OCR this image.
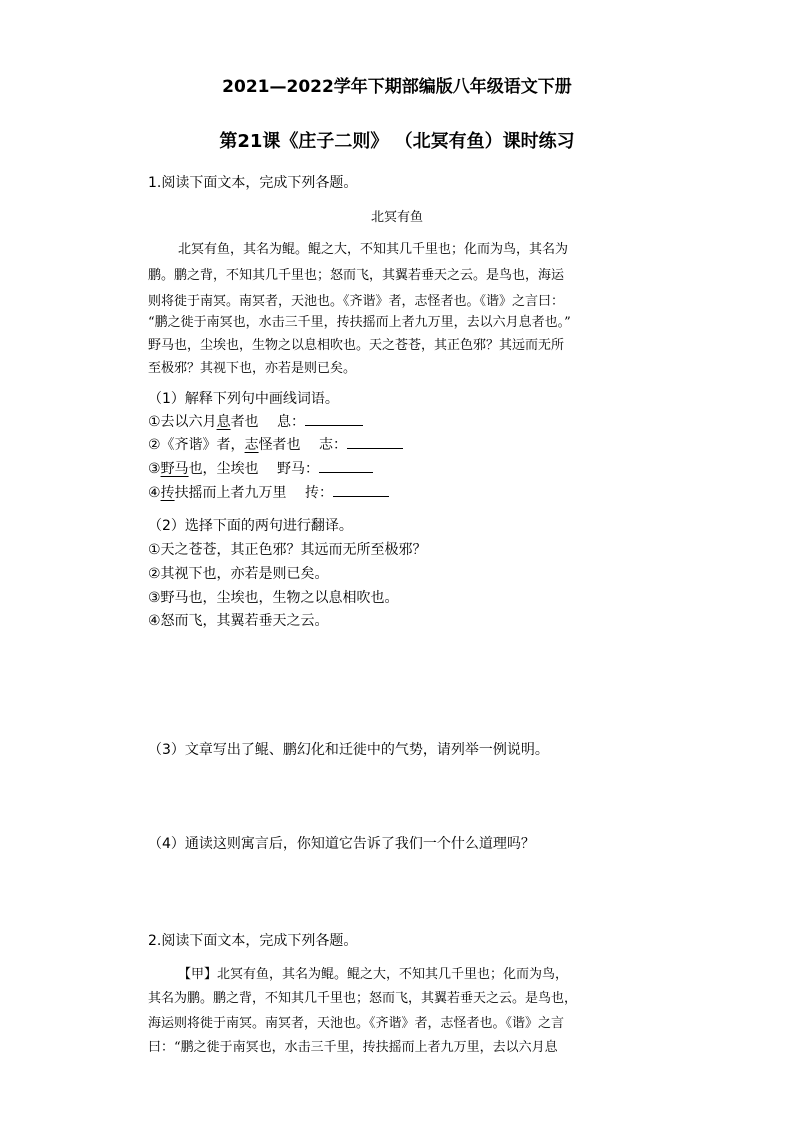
2021—2022学年下期部编版八年级语文下册
第21课《庄子二则》 （北冥有鱼）课时练习
1.阅读下面文本，完成下列各题。
北冥有鱼
北冥有鱼，其名为鲲。鲲之大，不知其几千里也；化而为鸟，其名为
鹏。鹏之背，不知其几千里也；怒而飞，其翼若垂天之云。是鸟也，海运
则将徙于南冥。南冥者，天池也。《齐谐》者，志怪者也。《谐》之言曰：
“鹏之徙于南冥也，水击三千里，抟扶摇而上者九万里，去以六月息者也。”
野马也，尘埃也，生物之以息相吹也。天之苍苍，其正色邪？其远而无所
至极邪？其视下也，亦若是则已矣。
（1）解释下列句中画线词语。
①去以六月息者也 息：
②《齐谐》者，志怪者也 志：
③野马也，尘埃也 野马：
④抟扶摇而上者九万里 抟：
（2）选择下面的两句进行翻译。
①天之苍苍，其正色邪？其远而无所至极邪？
②其视下也，亦若是则已矣。
③野马也，尘埃也，生物之以息相吹也。
④怒而飞，其翼若垂天之云。
（3）文章写出了鲲、鹏幻化和迁徙中的气势，请列举一例说明。
（4）通读这则寓言后，你知道它告诉了我们一个什么道理吗？
2.阅读下面文本，完成下列各题。
【甲】北冥有鱼，其名为鲲。鲲之大，不知其几千里也；化而为鸟，
其名为鹏。鹏之背，不知其几千里也；怒而飞，其翼若垂天之云。是鸟也，
海运则将徙于南冥。南冥者，天池也。《齐谐》者，志怪者也。《谐》之言
曰：“鹏之徙于南冥也，水击三千里，抟扶摇而上者九万里，去以六月息
